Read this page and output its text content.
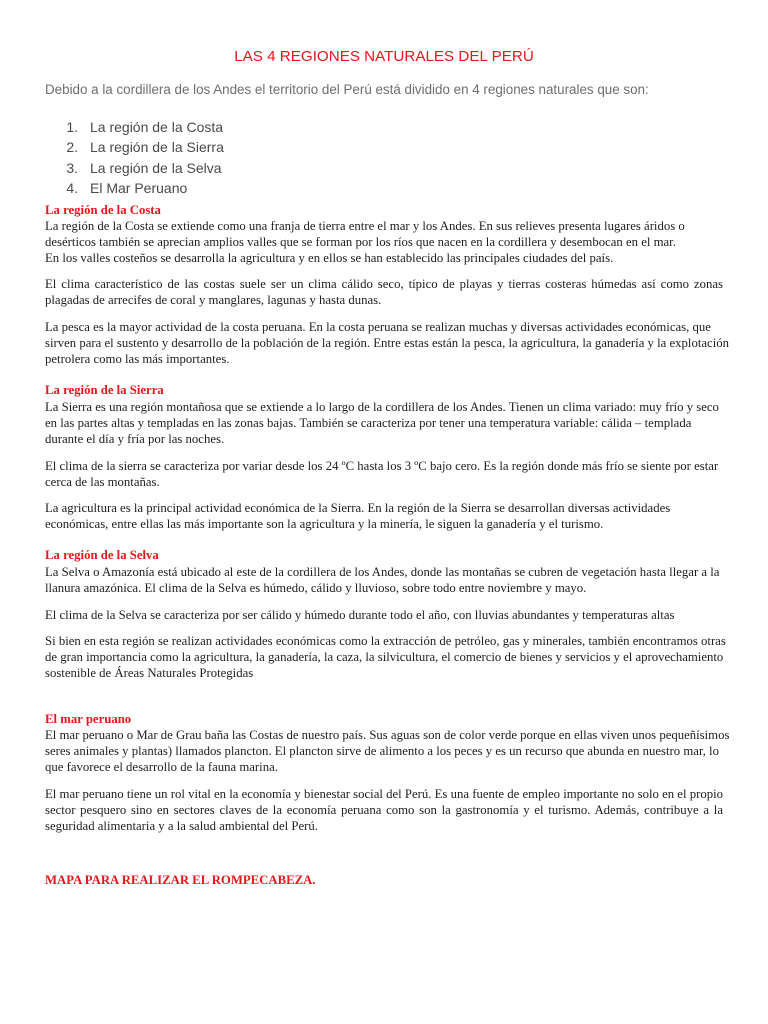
LAS 4 REGIONES NATURALES DEL PERÚ
Debido a la cordillera de los Andes el territorio del Perú está dividido en 4 regiones naturales que son:
1. La región de la Costa
2. La región de la Sierra
3. La región de la Selva
4. El Mar Peruano
La región de la Costa
La región de la Costa se extiende como una franja de tierra entre el mar y los Andes. En sus relieves presenta lugares áridos o
desérticos también se aprecian amplios valles que se forman por los ríos que nacen en la cordillera y desembocan en el mar.
En los valles costeños se desarrolla la agricultura y en ellos se han establecido las principales ciudades del país.
El clima característico de las costas suele ser un clima cálido seco, típico de playas y tierras costeras húmedas así como zonas
plagadas de arrecifes de coral y manglares, lagunas y hasta dunas.
La pesca es la mayor actividad de la costa peruana. En la costa peruana se realizan muchas y diversas actividades económicas, que
sirven para el sustento y desarrollo de la población de la región. Entre estas están la pesca, la agricultura, la ganadería y la explotación
petrolera como las más importantes.
La región de la Sierra
La Sierra es una región montañosa que se extiende a lo largo de la cordillera de los Andes. Tienen un clima variado: muy frío y seco
en las partes altas y templadas en las zonas bajas. También se caracteriza por tener una temperatura variable: cálida – templada
durante el día y fría por las noches.
El clima de la sierra se caracteriza por variar desde los 24 ºC hasta los 3 ºC bajo cero. Es la región donde más frío se siente por estar
cerca de las montañas.
La agricultura es la principal actividad económica de la Sierra. En la región de la Sierra se desarrollan diversas actividades
económicas, entre ellas las más importante son la agricultura y la minería, le siguen la ganadería y el turismo.
La región de la Selva
La Selva o Amazonía está ubicado al este de la cordillera de los Andes, donde las montañas se cubren de vegetación hasta llegar a la
llanura amazónica. El clima de la Selva es húmedo, cálido y lluvioso, sobre todo entre noviembre y mayo.
El clima de la Selva se caracteriza por ser cálido y húmedo durante todo el año, con lluvias abundantes y temperaturas altas
Si bien en esta región se realizan actividades económicas como la extracción de petróleo, gas y minerales, también encontramos otras
de gran importancia como la agricultura, la ganadería, la caza, la silvicultura, el comercio de bienes y servicios y el aprovechamiento
sostenible de Áreas Naturales Protegidas
El mar peruano
El mar peruano o Mar de Grau baña las Costas de nuestro país. Sus aguas son de color verde porque en ellas viven unos pequeñísimos
seres animales y plantas) llamados plancton. El plancton sirve de alimento a los peces y es un recurso que abunda en nuestro mar, lo
que favorece el desarrollo de la fauna marina.
El mar peruano tiene un rol vital en la economía y bienestar social del Perú. Es una fuente de empleo importante no solo en el propio
sector pesquero sino en sectores claves de la economía peruana como son la gastronomía y el turismo. Además, contribuye a la
seguridad alimentaria y a la salud ambiental del Perú.
MAPA PARA REALIZAR EL ROMPECABEZA.
